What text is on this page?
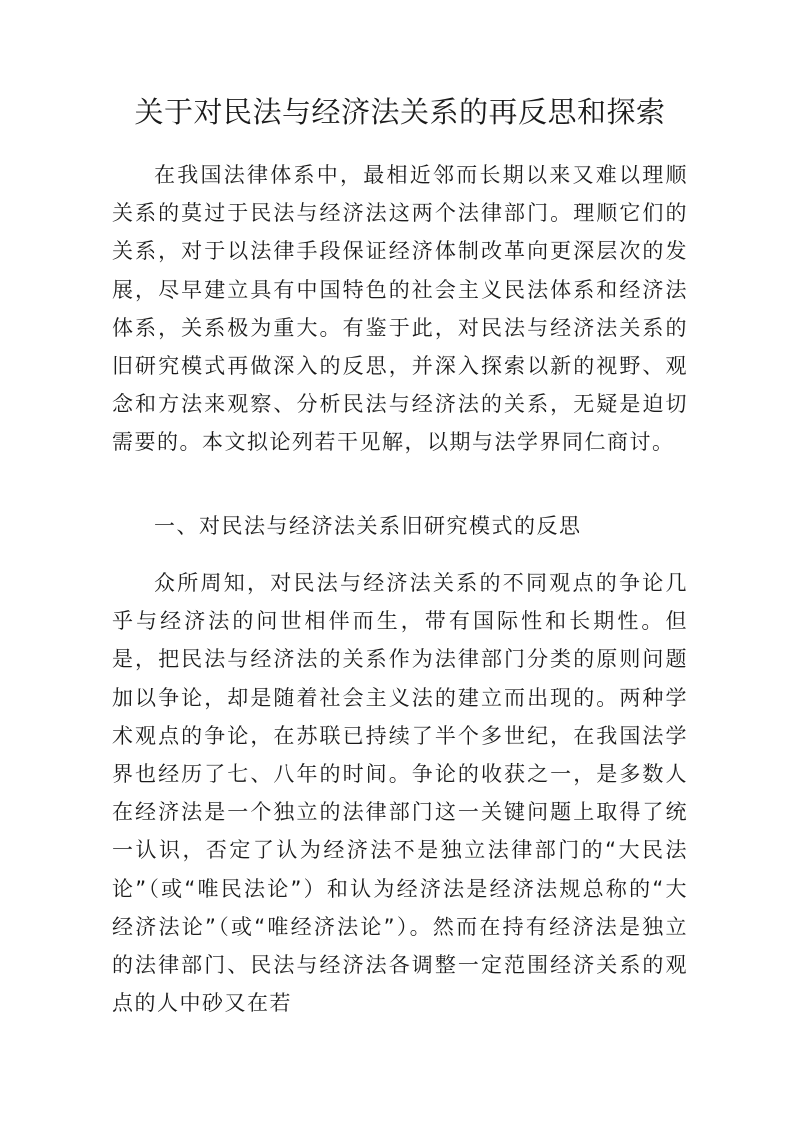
关于对民法与经济法关系的再反思和探索

在我国法律体系中，最相近邻而长期以来又难以理顺关系的莫过于民法与经济法这两个法律部门。理顺它们的关系，对于以法律手段保证经济体制改革向更深层次的发展，尽早建立具有中国特色的社会主义民法体系和经济法体系，关系极为重大。有鉴于此，对民法与经济法关系的旧研究模式再做深入的反思，并深入探索以新的视野、观念和方法来观察、分析民法与经济法的关系，无疑是迫切需要的。本文拟论列若干见解，以期与法学界同仁商讨。

一、对民法与经济法关系旧研究模式的反思

众所周知，对民法与经济法关系的不同观点的争论几乎与经济法的问世相伴而生，带有国际性和长期性。但是，把民法与经济法的关系作为法律部门分类的原则问题加以争论，却是随着社会主义法的建立而出现的。两种学术观点的争论，在苏联已持续了半个多世纪，在我国法学界也经历了七、八年的时间。争论的收获之一，是多数人在经济法是一个独立的法律部门这一关键问题上取得了统一认识，否定了认为经济法不是独立法律部门的“大民法论”（或“唯民法论”）和认为经济法是经济法规总称的“大经济法论”（或“唯经济法论”）。然而在持有经济法是独立的法律部门、民法与经济法各调整一定范围经济关系的观点的人中砂又在若
